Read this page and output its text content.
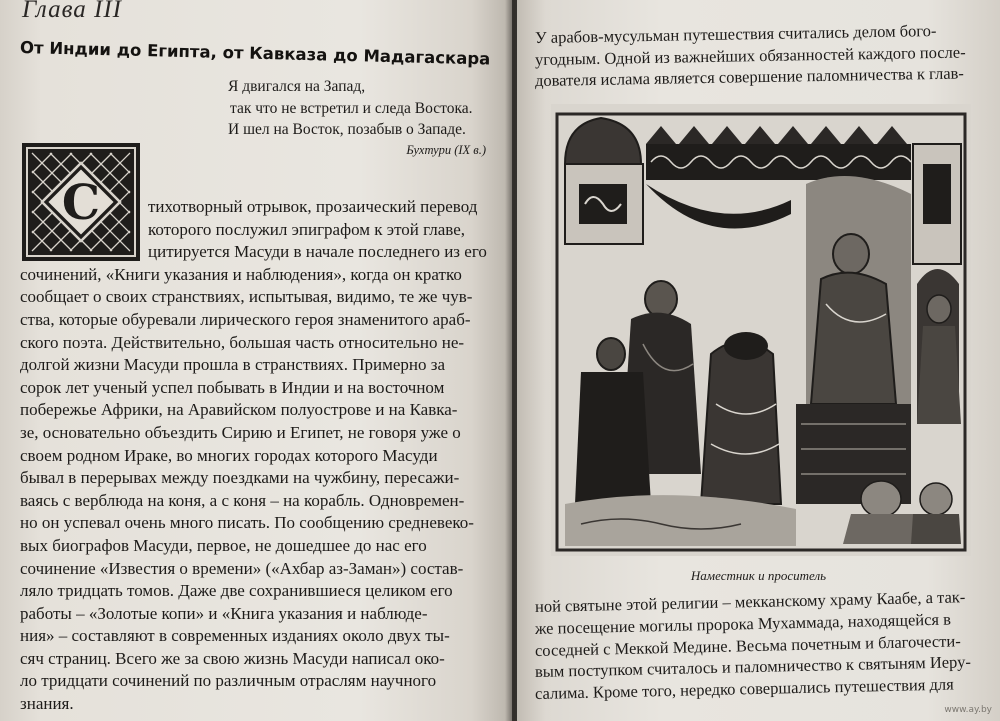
Глава III
От Индии до Египта, от Кавказа до Мадагаскара
Я двигался на Запад,
так что не встретил и следа Востока.
И шел на Восток, позабыв о Западе.
Бухтури (IX в.)
С	тихотворный отрывок, прозаический перевод
которого послужил эпиграфом к этой главе,
цитируется Масуди в начале последнего из его
сочинений, «Книги указания и наблюдения», когда он кратко
сообщает о своих странствиях, испытывая, видимо, те же чув-
ства, которые обуревали лирического героя знаменитого араб-
ского поэта. Действительно, большая часть относительно не-
долгой жизни Масуди прошла в странствиях. Примерно за
сорок лет ученый успел побывать в Индии и на восточном
побережье Африки, на Аравийском полуострове и на Кавка-
зе, основательно объездить Сирию и Египет, не говоря уже о
своем родном Ираке, во многих городах которого Масуди
бывал в перерывах между поездками на чужбину, пересажи-
ваясь с верблюда на коня, а с коня – на корабль. Одновремен-
но он успевал очень много писать. По сообщению средневеко-
вых биографов Масуди, первое, не дошедшее до нас его
сочинение «Известия о времени» («Ахбар аз-Заман») состав-
ляло тридцать томов. Даже две сохранившиеся целиком его
работы – «Золотые копи» и «Книга указания и наблюде-
ния» – составляют в современных изданиях около двух ты-
сяч страниц. Всего же за свою жизнь Масуди написал око-
ло тридцати сочинений по различным отраслям научного
знания.
У арабов-мусульман путешествия считались делом бого-
угодным. Одной из важнейших обязанностей каждого после-
дователя ислама является совершение паломничества к глав-
Наместник и проситель
ной святыне этой религии – мекканскому храму Каабе, а так-
же посещение могилы пророка Мухаммада, находящейся в
соседней с Меккой Медине. Весьма почетным и благочести-
вым поступком считалось и паломничество к святыням Иеру-
салима. Кроме того, нередко совершались путешествия для
www.ay.by
